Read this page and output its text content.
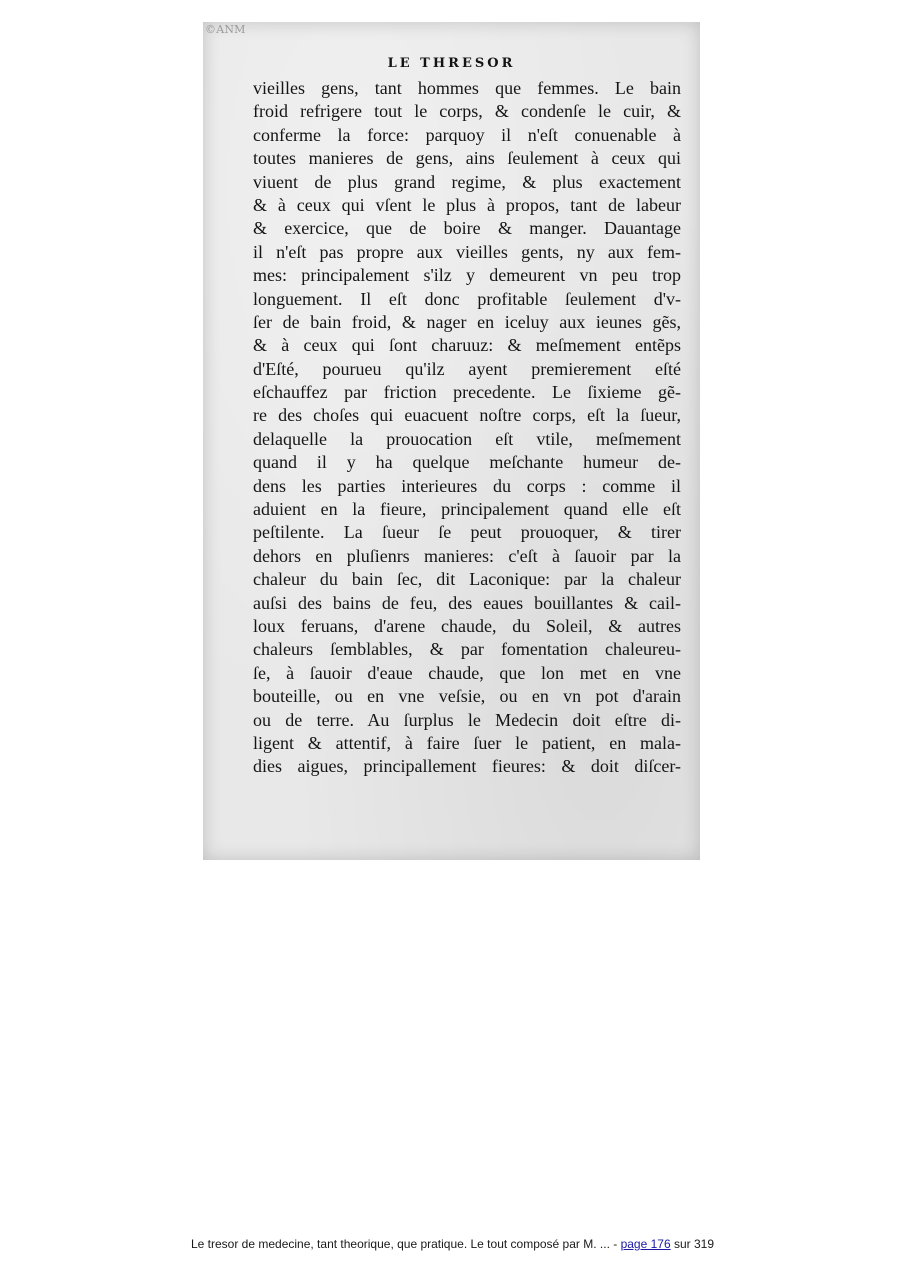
©ANM
LE THRESOR
vieilles gens, tant hommes que femmes. Le bain
froid refrigere tout le corps, & condenſe le cuir, &
conferme la force: parquoy il n'eſt conuenable à
toutes manieres de gens, ains ſeulement à ceux qui
viuent de plus grand regime, & plus exactement
& à ceux qui vſent le plus à propos, tant de labeur
& exercice, que de boire & manger. Dauantage
il n'eſt pas propre aux vieilles gents, ny aux fem-
mes: principalement s'ilz y demeurent vn peu trop
longuement. Il eſt donc profitable ſeulement d'v-
ſer de bain froid, & nager en iceluy aux ieunes gẽs,
& à ceux qui ſont charuuz: & meſmement entẽps
d'Eſté, pourueu qu'ilz ayent premierement eſté
eſchauffez par friction precedente. Le ſixieme gẽ-
re des choſes qui euacuent noſtre corps, eſt la ſueur,
delaquelle la prouocation eſt vtile, meſmement
quand il y ha quelque meſchante humeur de-
dens les parties interieures du corps : comme il
aduient en la fieure, principalement quand elle eſt
peſtilente. La ſueur ſe peut prouoquer, & tirer
dehors en pluſienrs manieres: c'eſt à ſauoir par la
chaleur du bain ſec, dit Laconique: par la chaleur
auſsi des bains de feu, des eaues bouillantes & cail-
loux feruans, d'arene chaude, du Soleil, & autres
chaleurs ſemblables, & par fomentation chaleureu-
ſe, à ſauoir d'eaue chaude, que lon met en vne
bouteille, ou en vne veſsie, ou en vn pot d'arain
ou de terre. Au ſurplus le Medecin doit eſtre di-
ligent & attentif, à faire ſuer le patient, en mala-
dies aigues, principallement fieures: & doit diſcer-
Le tresor de medecine, tant theorique, que pratique. Le tout composé par M. ... - page 176 sur 319
